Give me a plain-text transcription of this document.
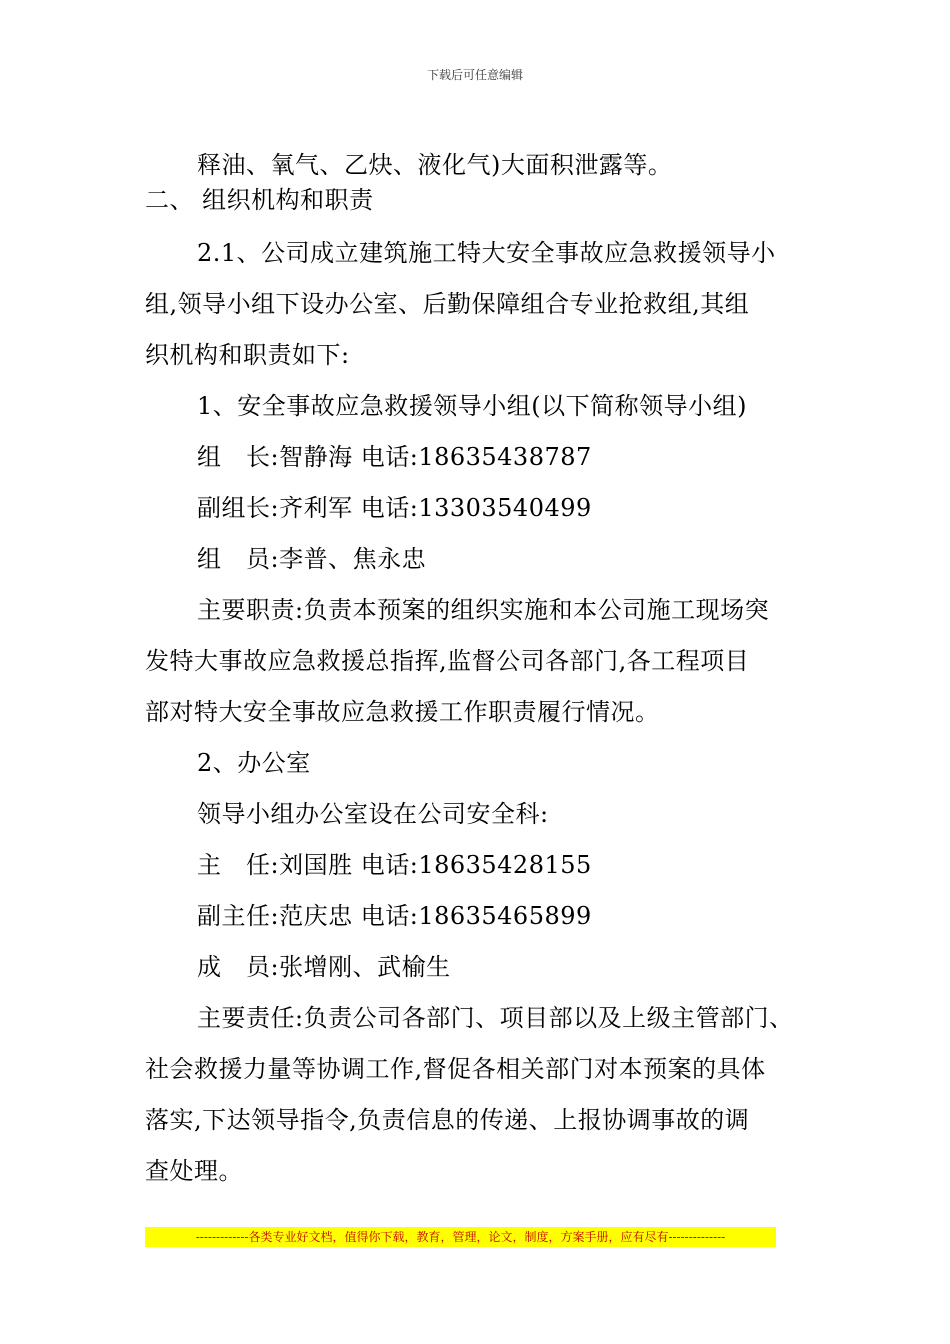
下载后可任意编辑
释油、氧气、乙炔、液化气)大面积泄露等。
二、 组织机构和职责
2.1、公司成立建筑施工特大安全事故应急救援领导小
组,领导小组下设办公室、后勤保障组合专业抢救组,其组
织机构和职责如下:
1、安全事故应急救援领导小组(以下简称领导小组)
组　长:智静海 电话:18635438787
副组长:齐利军 电话:13303540499
组　员:李普、焦永忠
主要职责:负责本预案的组织实施和本公司施工现场突
发特大事故应急救援总指挥,监督公司各部门,各工程项目
部对特大安全事故应急救援工作职责履行情况。
2、办公室
领导小组办公室设在公司安全科:
主　任:刘国胜 电话:18635428155
副主任:范庆忠 电话:18635465899
成　员:张增刚、武榆生
主要责任:负责公司各部门、项目部以及上级主管部门、
社会救援力量等协调工作,督促各相关部门对本预案的具体
落实,下达领导指令,负责信息的传递、上报协调事故的调
查处理。
-------------各类专业好文档，值得你下载，教育，管理，论文，制度，方案手册，应有尽有--------------
